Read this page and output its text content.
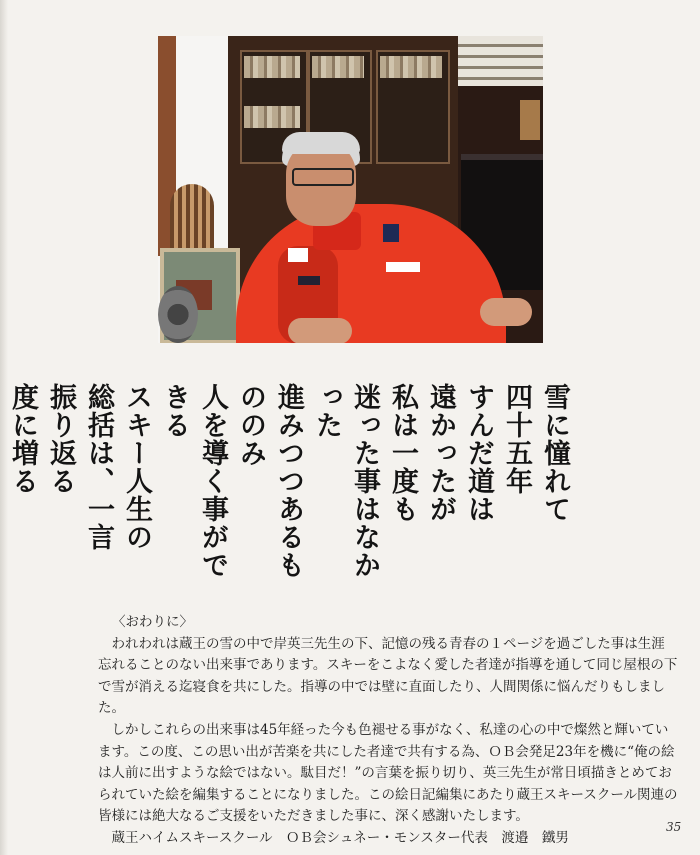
雪に憧れて
四十五年
すんだ道は
遠かったが
私は一度も
迷った事はなかった
進みつつあるもののみ
人を導く事ができる
スキー人生の
総括は、一言
振り返る
度に増る

〈おわりに〉

われわれは蔵王の雪の中で岸英三先生の下、記憶の残る青春の１ページを過ごした事は生涯忘れることのない出来事であります。スキーをこよなく愛した者達が指導を通して同じ屋根の下で雪が消える迄寝食を共にした。指導の中では壁に直面したり、人間関係に悩んだりもしました。

しかしこれらの出来事は45年経った今も色褪せる事がなく、私達の心の中で燦然と輝いています。この度、この思い出が苦楽を共にした者達で共有する為、ＯＢ会発足23年を機に“俺の絵は人前に出すような絵ではない。駄目だ！”の言葉を振り切り、英三先生が常日頃描きとめておられていた絵を編集することになりました。この絵日記編集にあたり蔵王スキースクール関連の皆様には絶大なるご支援をいただきました事に、深く感謝いたします。

蔵王ハイムスキースクール　ＯＢ会シュネー・モンスター代表　渡邉　鐵男

35
